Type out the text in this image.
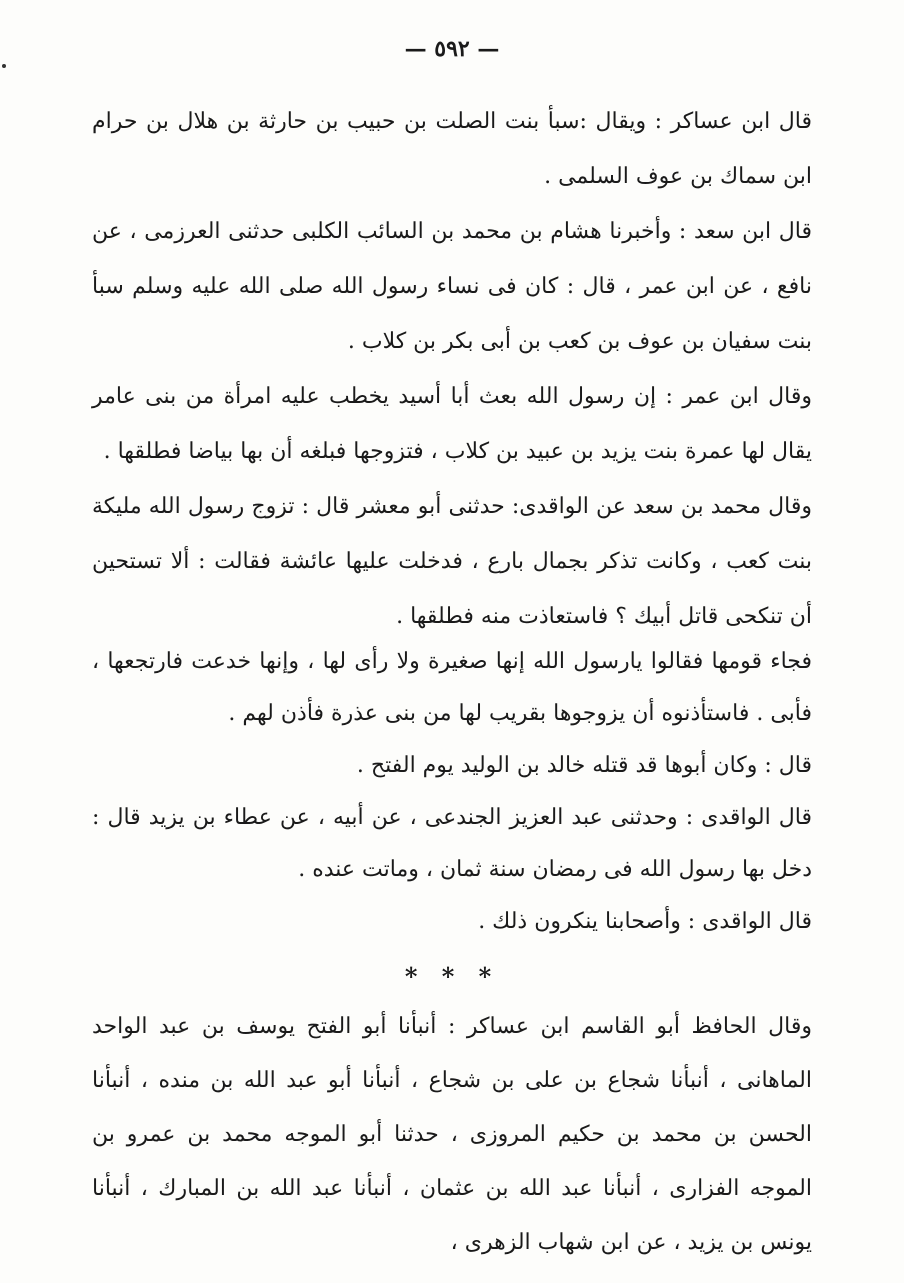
— ٥٩٢ —

قال ابن عساكر : ويقال :سبأ بنت الصلت بن حبيب بن حارثة بن هلال بن حرام ابن سماك بن عوف السلمى .

قال ابن سعد : وأخبرنا هشام بن محمد بن السائب الكلبى حدثنى العرزمى ، عن نافع ، عن ابن عمر ، قال : كان فى نساء رسول الله صلى الله عليه وسلم سبأ بنت سفيان بن عوف بن كعب بن أبى بكر بن كلاب .

وقال ابن عمر : إن رسول الله بعث أبا أسيد يخطب عليه امرأة من بنى عامر يقال لها عمرة بنت يزيد بن عبيد بن كلاب ، فتزوجها فبلغه أن بها بياضا فطلقها .

وقال محمد بن سعد عن الواقدى: حدثنى أبو معشر قال : تزوج رسول الله مليكة بنت كعب ، وكانت تذكر بجمال بارع ، فدخلت عليها عائشة فقالت : ألا تستحين أن تنكحى قاتل أبيك ؟ فاستعاذت منه فطلقها .

فجاء قومها فقالوا يارسول الله إنها صغيرة ولا رأى لها ، وإنها خدعت فارتجعها ، فأبى . فاستأذنوه أن يزوجوها بقريب لها من بنى عذرة فأذن لهم .

قال : وكان أبوها قد قتله خالد بن الوليد يوم الفتح .

قال الواقدى : وحدثنى عبد العزيز الجندعى ، عن أبيه ، عن عطاء بن يزيد قال : دخل بها رسول الله فى رمضان سنة ثمان ، وماتت عنده .

قال الواقدى : وأصحابنا ينكرون ذلك .

* * *

وقال الحافظ أبو القاسم ابن عساكر : أنبأنا أبو الفتح يوسف بن عبد الواحد الماهانى ، أنبأنا شجاع بن على بن شجاع ، أنبأنا أبو عبد الله بن منده ، أنبأنا الحسن بن محمد بن حكيم المروزى ، حدثنا أبو الموجه محمد بن عمرو بن الموجه الفزارى ، أنبأنا عبد الله بن عثمان ، أنبأنا عبد الله بن المبارك ، أنبأنا يونس بن يزيد ، عن ابن شهاب الزهرى ،
